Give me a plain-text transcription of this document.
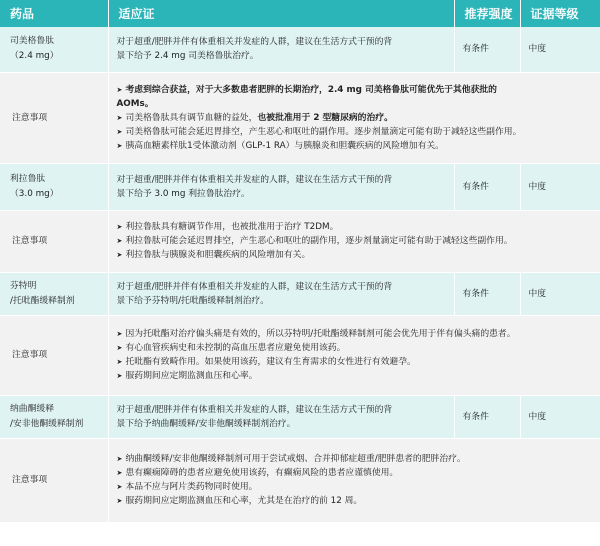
药品	适应证	推荐强度	证据等级

司美格鲁肽
（2.4 mg）	对于超重/肥胖并伴有体重相关并发症的人群，建议在生活方式干预的背
景下给予 2.4 mg 司美格鲁肽治疗。	有条件	中度
注意事项	➤ 考虑到综合获益，对于大多数患者肥胖的长期治疗，2.4 mg 司美格鲁肽可能优先于其他获批的
AOMs。
➤ 司美格鲁肽具有调节血糖的益处，也被批准用于 2 型糖尿病的治疗。
➤ 司美格鲁肽可能会延迟胃排空，产生恶心和呕吐的副作用。逐步剂量滴定可能有助于减轻这些副作用。
➤ 胰高血糖素样肽1受体激动剂（GLP-1 RA）与胰腺炎和胆囊疾病的风险增加有关。		

利拉鲁肽
（3.0 mg）	对于超重/肥胖并伴有体重相关并发症的人群，建议在生活方式干预的背
景下给予 3.0 mg 利拉鲁肽治疗。	有条件	中度
注意事项	➤ 利拉鲁肽具有糖调节作用，也被批准用于治疗 T2DM。
➤ 利拉鲁肽可能会延迟胃排空，产生恶心和呕吐的副作用，逐步剂量滴定可能有助于减轻这些副作用。
➤ 利拉鲁肽与胰腺炎和胆囊疾病的风险增加有关。		

芬特明
/托吡酯缓释制剂	对于超重/肥胖并伴有体重相关并发症的人群，建议在生活方式干预的背
景下给予芬特明/托吡酯缓释制剂治疗。	有条件	中度
注意事项	➤ 因为托吡酯对治疗偏头痛是有效的，所以芬特明/托吡酯缓释制剂可能会优先用于伴有偏头痛的患者。
➤ 有心血管疾病史和未控制的高血压患者应避免使用该药。
➤ 托吡酯有致畸作用。如果使用该药，建议有生育需求的女性进行有效避孕。
➤ 服药期间应定期监测血压和心率。		

纳曲酮缓释
/安非他酮缓释制剂	对于超重/肥胖并伴有体重相关并发症的人群，建议在生活方式干预的背
景下给予纳曲酮缓释/安非他酮缓释制剂治疗。	有条件	中度
注意事项	➤ 纳曲酮缓释/安非他酮缓释制剂可用于尝试戒烟、合并抑郁症超重/肥胖患者的肥胖治疗。
➤ 患有癫痫障碍的患者应避免使用该药，有癫痫风险的患者应谨慎使用。
➤ 本品不应与阿片类药物同时使用。
➤ 服药期间应定期监测血压和心率，尤其是在治疗的前 12 周。		
